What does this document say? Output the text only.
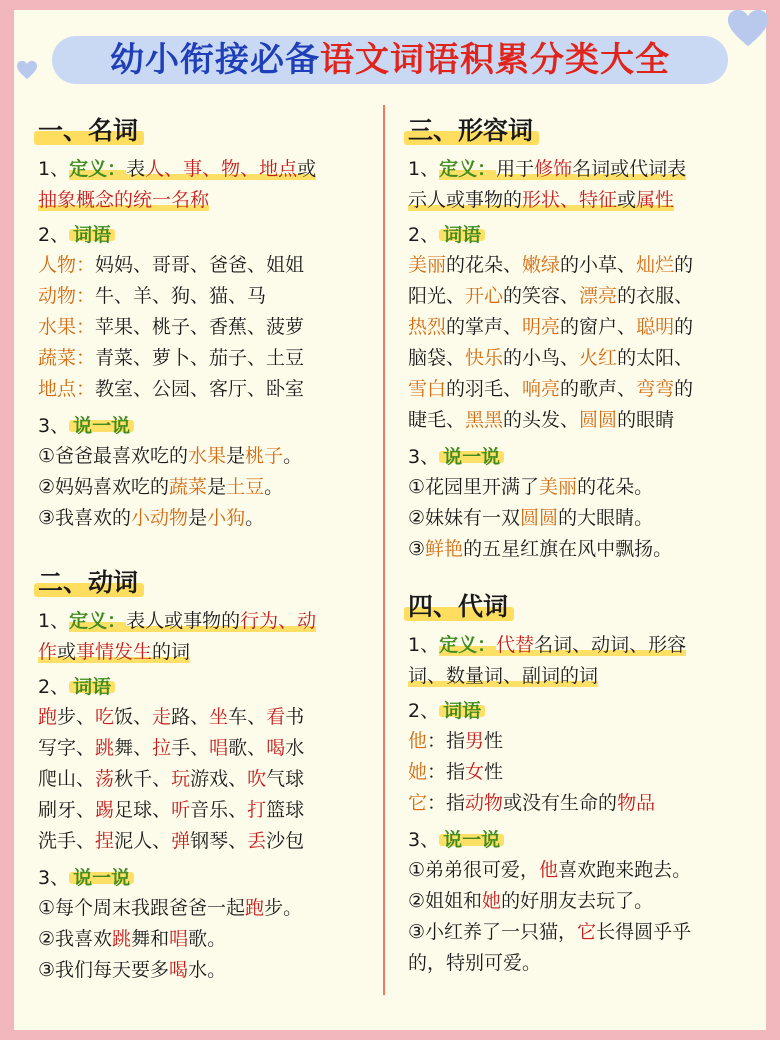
幼小衔接必备语文词语积累分类大全
一、名词
1、定义：表人、事、物、地点或
抽象概念的统一名称
2、 词语
人物：妈妈、哥哥、爸爸、姐姐
动物：牛、羊、狗、猫、马
水果：苹果、桃子、香蕉、菠萝
蔬菜：青菜、萝卜、茄子、土豆
地点：教室、公园、客厅、卧室
3、 说一说
①爸爸最喜欢吃的水果是桃子。
②妈妈喜欢吃的蔬菜是土豆。
③我喜欢的小动物是小狗。
二、动词
1、定义：表人或事物的行为、动
作或事情发生的词
2、 词语
跑步、吃饭、走路、坐车、看书
写字、跳舞、拉手、唱歌、喝水
爬山、荡秋千、玩游戏、吹气球
刷牙、踢足球、听音乐、打篮球
洗手、捏泥人、弹钢琴、丢沙包
3、 说一说
①每个周末我跟爸爸一起跑步。
②我喜欢跳舞和唱歌。
③我们每天要多喝水。
三、形容词
1、定义：用于修饰名词或代词表
示人或事物的形状、特征或属性
2、 词语
美丽的花朵、嫩绿的小草、灿烂的
阳光、开心的笑容、漂亮的衣服、
热烈的掌声、明亮的窗户、聪明的
脑袋、快乐的小鸟、火红的太阳、
雪白的羽毛、响亮的歌声、弯弯的
睫毛、黑黑的头发、圆圆的眼睛
3、 说一说
①花园里开满了美丽的花朵。
②妹妹有一双圆圆的大眼睛。
③鲜艳的五星红旗在风中飘扬。
四、代词
1、定义：代替名词、动词、形容
词、数量词、副词的词
2、 词语
他：指男性
她：指女性
它：指动物或没有生命的物品
3、 说一说
①弟弟很可爱，他喜欢跑来跑去。
②姐姐和她的好朋友去玩了。
③小红养了一只猫，它长得圆乎乎
的，特别可爱。
